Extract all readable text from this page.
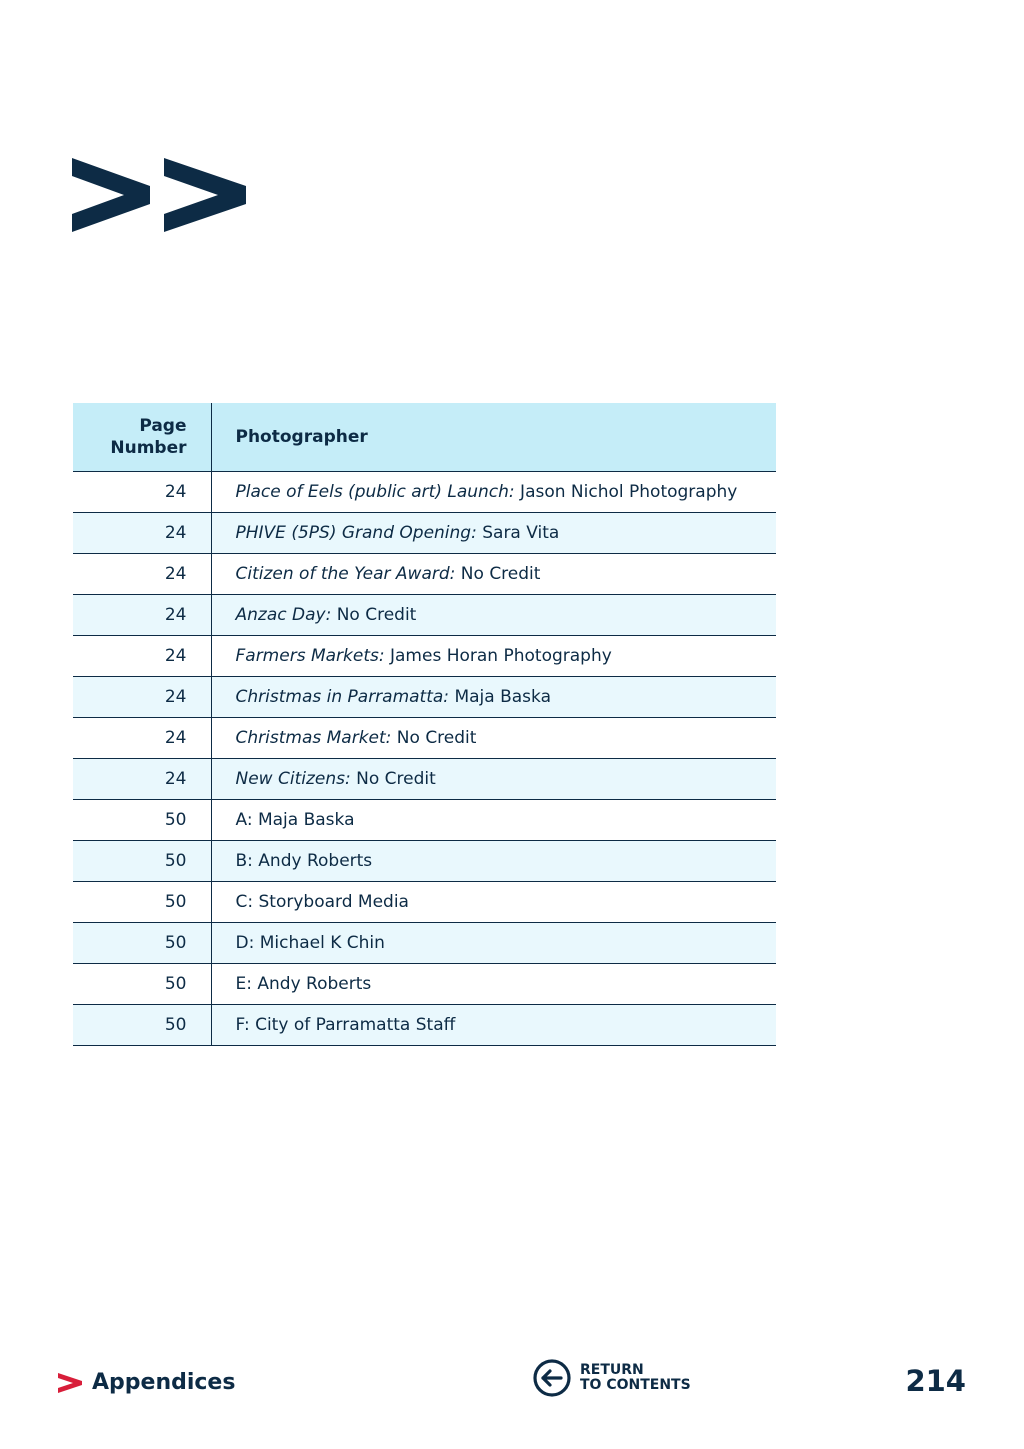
Page Number	Photographer
24	Place of Eels (public art) Launch: Jason Nichol Photography
24	PHIVE (5PS) Grand Opening: Sara Vita
24	Citizen of the Year Award: No Credit
24	Anzac Day: No Credit
24	Farmers Markets: James Horan Photography
24	Christmas in Parramatta: Maja Baska
24	Christmas Market: No Credit
24	New Citizens: No Credit
50	A: Maja Baska
50	B: Andy Roberts
50	C: Storyboard Media
50	D: Michael K Chin
50	E: Andy Roberts
50	F: City of Parramatta Staff
Appendices	RETURN
TO CONTENTS	214
